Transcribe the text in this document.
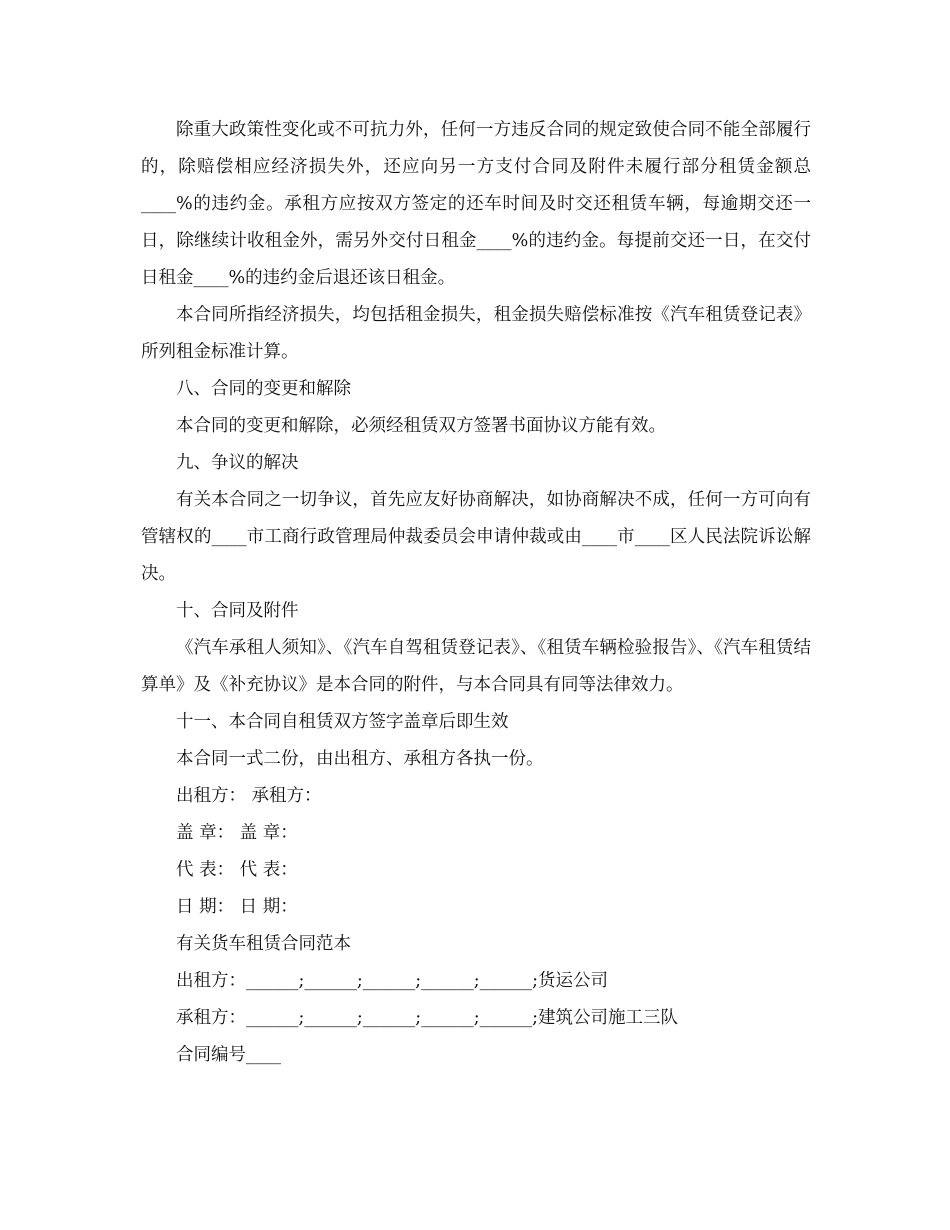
除重大政策性变化或不可抗力外，任何一方违反合同的规定致使合同不能全部履行的，除赔偿相应经济损失外，还应向另一方支付合同及附件未履行部分租赁金额总____%的违约金。承租方应按双方签定的还车时间及时交还租赁车辆，每逾期交还一日，除继续计收租金外，需另外交付日租金____%的违约金。每提前交还一日，在交付日租金____%的违约金后退还该日租金。

本合同所指经济损失，均包括租金损失，租金损失赔偿标准按《汽车租赁登记表》所列租金标准计算。

八、合同的变更和解除

本合同的变更和解除，必须经租赁双方签署书面协议方能有效。

九、争议的解决

有关本合同之一切争议，首先应友好协商解决，如协商解决不成，任何一方可向有管辖权的____市工商行政管理局仲裁委员会申请仲裁或由____市____区人民法院诉讼解决。

十、合同及附件

《汽车承租人须知》、《汽车自驾租赁登记表》、《租赁车辆检验报告》、《汽车租赁结算单》及《补充协议》是本合同的附件，与本合同具有同等法律效力。

十一、本合同自租赁双方签字盖章后即生效

本合同一式二份，由出租方、承租方各执一份。

出租方： 承租方：

盖 章： 盖 章：

代 表： 代 表：

日 期： 日 期：

有关货车租赁合同范本

出租方：______;______;______;______;______;货运公司

承租方：______;______;______;______;______;建筑公司施工三队

合同编号____
